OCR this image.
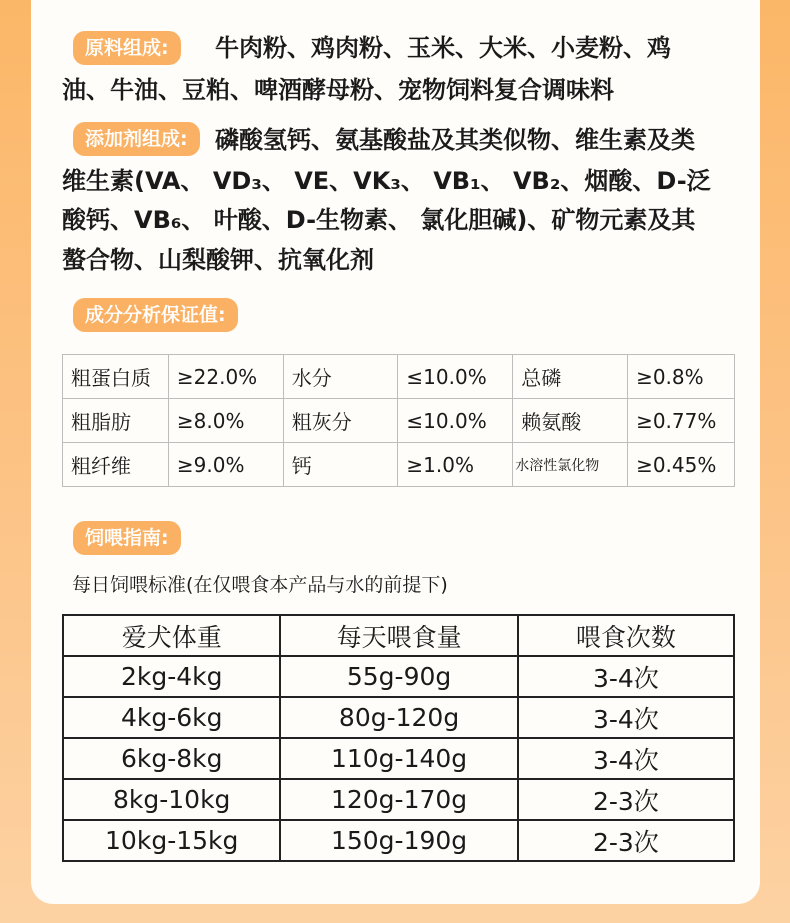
原料组成:	牛肉粉、鸡肉粉、玉米、大米、小麦粉、鸡

油、牛油、豆粕、啤酒酵母粉、宠物饲料复合调味料

添加剂组成:	磷酸氢钙、氨基酸盐及其类似物、维生素及类

维生素(VA、 VD₃、 VE、VK₃、 VB₁、 VB₂、烟酸、D-泛

酸钙、VB₆、 叶酸、D-生物素、 氯化胆碱)、矿物元素及其

螯合物、山梨酸钾、抗氧化剂

成分分析保证值:
粗蛋白质	≥22.0%	水分	≤10.0%	总磷	≥0.8%
粗脂肪	≥8.0%	粗灰分	≤10.0%	赖氨酸	≥0.77%
粗纤维	≥9.0%	钙	≥1.0%	水溶性氯化物	≥0.45%
饲喂指南:
每日饲喂标准(在仅喂食本产品与水的前提下)
爱犬体重	每天喂食量	喂食次数
2kg-4kg	55g-90g	3-4次
4kg-6kg	80g-120g	3-4次
6kg-8kg	110g-140g	3-4次
8kg-10kg	120g-170g	2-3次
10kg-15kg	150g-190g	2-3次
